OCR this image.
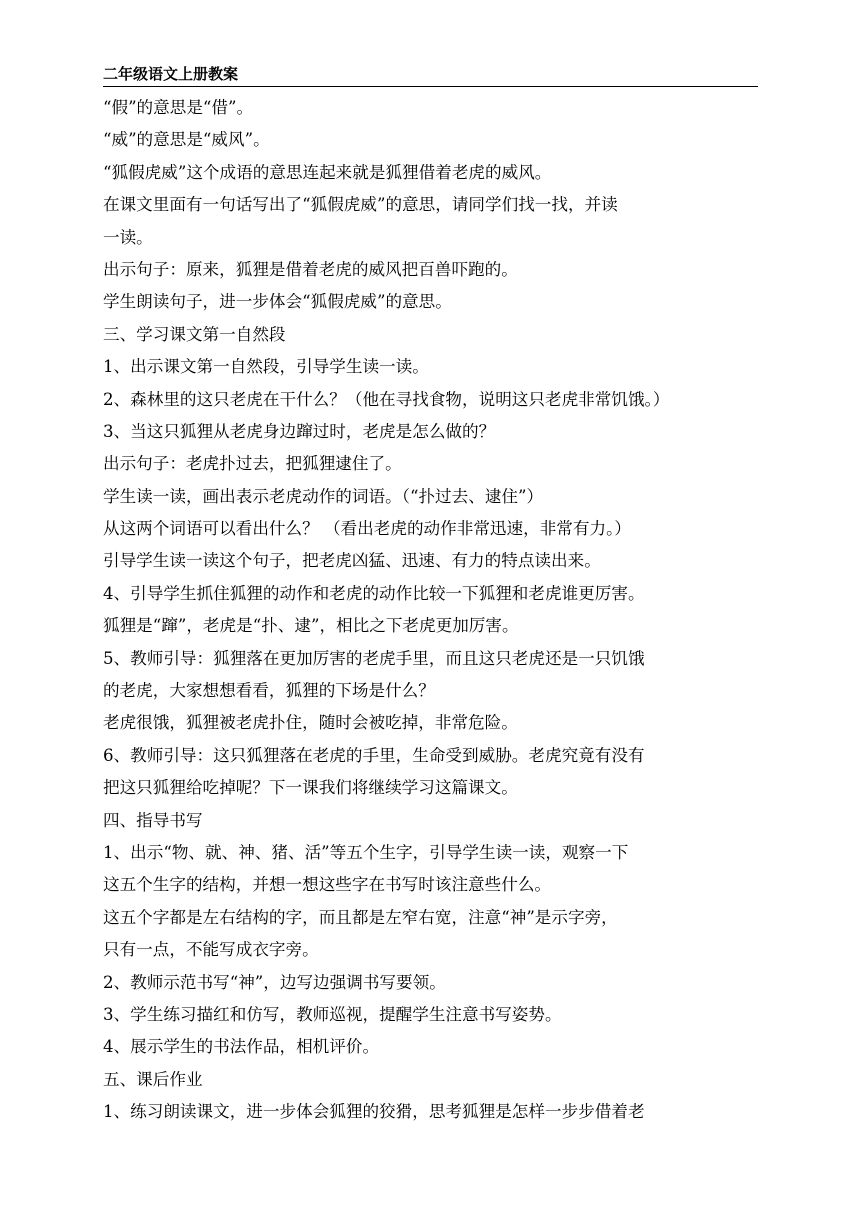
二年级语文上册教案
“假”的意思是“借”。
“威”的意思是“威风”。
“狐假虎威”这个成语的意思连起来就是狐狸借着老虎的威风。
在课文里面有一句话写出了“狐假虎威”的意思，请同学们找一找，并读
一读。
出示句子：原来，狐狸是借着老虎的威风把百兽吓跑的。
学生朗读句子，进一步体会“狐假虎威”的意思。
三、学习课文第一自然段
1、出示课文第一自然段，引导学生读一读。
2、森林里的这只老虎在干什么？（他在寻找食物，说明这只老虎非常饥饿。）
3、当这只狐狸从老虎身边蹿过时，老虎是怎么做的？
出示句子：老虎扑过去，把狐狸逮住了。
学生读一读，画出表示老虎动作的词语。（“扑过去、逮住”）
从这两个词语可以看出什么？ （看出老虎的动作非常迅速，非常有力。）
引导学生读一读这个句子，把老虎凶猛、迅速、有力的特点读出来。
4、引导学生抓住狐狸的动作和老虎的动作比较一下狐狸和老虎谁更厉害。
狐狸是“蹿”，老虎是“扑、逮”，相比之下老虎更加厉害。
5、教师引导：狐狸落在更加厉害的老虎手里，而且这只老虎还是一只饥饿
的老虎，大家想想看看，狐狸的下场是什么？
老虎很饿，狐狸被老虎扑住，随时会被吃掉，非常危险。
6、教师引导：这只狐狸落在老虎的手里，生命受到威胁。老虎究竟有没有
把这只狐狸给吃掉呢？下一课我们将继续学习这篇课文。
四、指导书写
1、出示“物、就、神、猪、活”等五个生字，引导学生读一读，观察一下
这五个生字的结构，并想一想这些字在书写时该注意些什么。
这五个字都是左右结构的字，而且都是左窄右宽，注意“神”是示字旁，
只有一点，不能写成衣字旁。
2、教师示范书写“神”，边写边强调书写要领。
3、学生练习描红和仿写，教师巡视，提醒学生注意书写姿势。
4、展示学生的书法作品，相机评价。
五、课后作业
1、练习朗读课文，进一步体会狐狸的狡猾，思考狐狸是怎样一步步借着老
